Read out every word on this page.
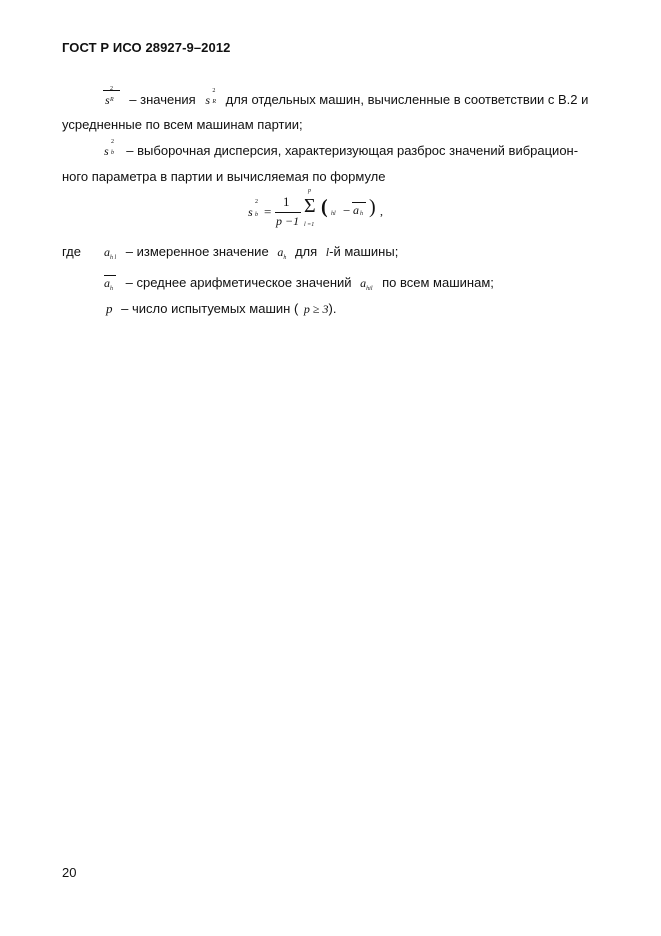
ГОСТ Р ИСО 28927-9–2012
s
2
R – значения s
2
R для отдельных машин, вычисленные в соответствии с В.2 и
усредненные по всем машинам партии;
s
2
b – выборочная дисперсия, характеризующая разброс значений вибрацион-
ного параметра в партии и вычисляемая по формуле
s
2
b =
1
p −1
p
Σ
l =1
( hl − a h ) ,
где $a_{h l}$ – измеренное значение $a_h$ для l-й машины;
$a_h$ – среднее арифметическое значений $a_{hil}$ по всем машинам;
p – число испытуемых машин ( p ≥ 3).
20
